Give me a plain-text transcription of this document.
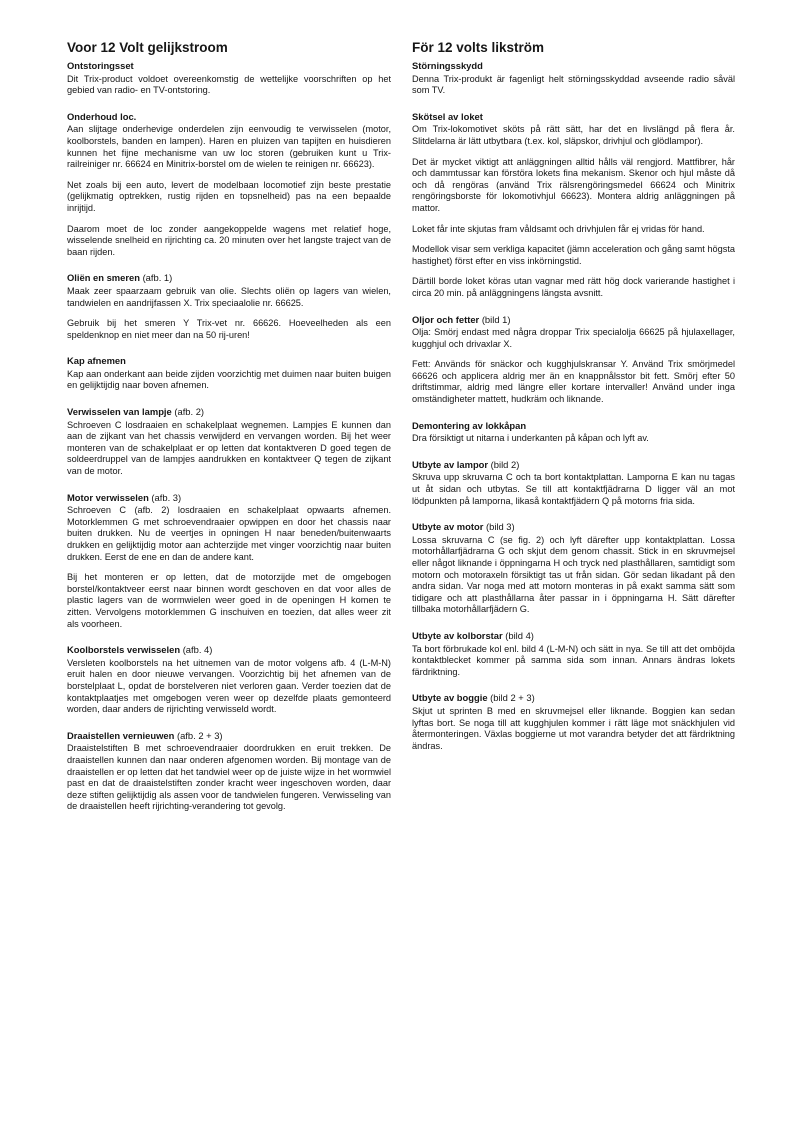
Voor 12 Volt gelijkstroom
Ontstoringsset

Dit Trix-product voldoet overeenkomstig de wettelijke voorschriften op het gebied van radio- en TV-ontstoring.

Onderhoud loc.

Aan slijtage onderhevige onderdelen zijn eenvoudig te verwisselen (motor, koolborstels, banden en lampen). Haren en pluizen van tapijten en huisdieren kunnen het fijne mechanisme van uw loc storen (gebruiken kunt u Trix-railreiniger nr. 66624 en Minitrix-borstel om de wielen te reinigen nr. 66623).

Net zoals bij een auto, levert de modelbaan locomotief zijn beste prestatie (gelijkmatig optrekken, rustig rijden en topsnelheid) pas na een bepaalde inrijtijd.

Daarom moet de loc zonder aangekoppelde wagens met relatief hoge, wisselende snelheid en rijrichting ca. 20 minuten over het langste traject van de baan rijden.

Oliën en smeren (afb. 1)

Maak zeer spaarzaam gebruik van olie. Slechts oliën op lagers van wielen, tandwielen en aandrijfassen X. Trix speciaalolie nr. 66625.

Gebruik bij het smeren Y Trix-vet nr. 66626. Hoeveelheden als een speldenknop en niet meer dan na 50 rij-uren!

Kap afnemen

Kap aan onderkant aan beide zijden voorzichtig met duimen naar buiten buigen en gelijktijdig naar boven afnemen.

Verwisselen van lampje (afb. 2)

Schroeven C losdraaien en schakelplaat wegnemen. Lampjes E kunnen dan aan de zijkant van het chassis verwijderd en vervangen worden. Bij het weer monteren van de schakelplaat er op letten dat kontaktveren D goed tegen de soldeerdruppel van de lampjes aandrukken en kontaktveer Q tegen de zijkant van de motor.

Motor verwisselen (afb. 3)

Schroeven C (afb. 2) losdraaien en schakelplaat opwaarts afnemen. Motorklemmen G met schroevendraaier opwippen en door het chassis naar buiten drukken. Nu de veertjes in opningen H naar beneden/buitenwaarts drukken en gelijktijdig motor aan achterzijde met vinger voorzichtig naar buiten drukken. Eerst de ene en dan de andere kant.

Bij het monteren er op letten, dat de motorzijde met de omgebogen borstel/kontaktveer eerst naar binnen wordt geschoven en dat voor alles de plastic lagers van de wormwielen weer goed in de openingen H komen te zitten. Vervolgens motorklemmen G inschuiven en toezien, dat alles weer zit als voorheen.

Koolborstels verwisselen (afb. 4)

Versleten koolborstels na het uitnemen van de motor volgens afb. 4 (L-M-N) eruit halen en door nieuwe vervangen. Voorzichtig bij het afnemen van de borstelplaat L, opdat de borstelveren niet verloren gaan. Verder toezien dat de kontaktplaatjes met omgebogen veren weer op dezelfde plaats gemonteerd worden, daar anders de rijrichting verwisseld wordt.

Draaistellen vernieuwen (afb. 2 + 3)

Draaistelstiften B met schroevendraaier doordrukken en eruit trekken. De draaistellen kunnen dan naar onderen afgenomen worden. Bij montage van de draaistellen er op letten dat het tandwiel weer op de juiste wijze in het wormwiel past en dat de draaistelstiften zonder kracht weer ingeschoven worden, daar deze stiften gelijktijdig als assen voor de tandwielen fungeren. Verwisseling van de draaistellen heeft rijrichting-verandering tot gevolg.

För 12 volts likström
Störningsskydd

Denna Trix-produkt är fagenligt helt störningsskyddad avseende radio såväl som TV.

Skötsel av loket

Om Trix-lokomotivet sköts på rätt sätt, har det en livslängd på flera år. Slitdelarna är lätt utbytbara (t.ex. kol, släpskor, drivhjul och glödlampor).

Det är mycket viktigt att anläggningen alltid hålls väl rengjord. Mattfibrer, hår och dammtussar kan förstöra lokets fina mekanism. Skenor och hjul måste då och då rengöras (använd Trix rälsrengöringsmedel 66624 och Minitrix rengöringsborste för lokomotivhjul 66623). Montera aldrig anläggningen på mattor.

Loket får inte skjutas fram våldsamt och drivhjulen får ej vridas för hand.

Modellok visar sem verkliga kapacitet (jämn acceleration och gång samt högsta hastighet) först efter en viss inkörningstid.

Därtill borde loket köras utan vagnar med rätt hög dock varierande hastighet i circa 20 min. på anläggningens längsta avsnitt.

Oljor och fetter (bild 1)

Olja: Smörj endast med några droppar Trix specialolja 66625 på hjulaxellager, kugghjul och drivaxlar X.

Fett: Används för snäckor och kugghjulskransar Y. Använd Trix smörjmedel 66626 och applicera aldrig mer än en knappnålsstor bit fett. Smörj efter 50 driftstimmar, aldrig med längre eller kortare intervaller! Använd under inga omständigheter mattett, hudkräm och liknande.

Demontering av lokkåpan

Dra försiktigt ut nitarna i underkanten på kåpan och lyft av.

Utbyte av lampor (bild 2)

Skruva upp skruvarna C och ta bort kontaktplattan. Lamporna E kan nu tagas ut åt sidan och utbytas. Se till att kontaktfjädrarna D ligger väl an mot lödpunkten på lamporna, likaså kontaktfjädern Q på motorns fria sida.

Utbyte av motor (bild 3)

Lossa skruvarna C (se fig. 2) och lyft därefter upp kontaktplattan. Lossa motorhållarfjädrarna G och skjut dem genom chassit. Stick in en skruvmejsel eller något liknande i öppningarna H och tryck ned plasthållaren, samtidigt som motorn och motoraxeln försiktigt tas ut från sidan. Gör sedan likadant på den andra sidan. Var noga med att motorn monteras in på exakt samma sätt som tidigare och att plasthållarna åter passar in i öppningarna H. Sätt därefter tillbaka motorhållarfjädern G.

Utbyte av kolborstar (bild 4)

Ta bort förbrukade kol enl. bild 4 (L-M-N) och sätt in nya. Se till att det omböjda kontaktblecket kommer på samma sida som innan. Annars ändras lokets färdriktning.

Utbyte av boggie (bild 2 + 3)

Skjut ut sprinten B med en skruvmejsel eller liknande. Boggien kan sedan lyftas bort. Se noga till att kugghjulen kommer i rätt läge mot snäckhjulen vid återmonteringen. Växlas boggierne ut mot varandra betyder det att färdriktning ändras.
